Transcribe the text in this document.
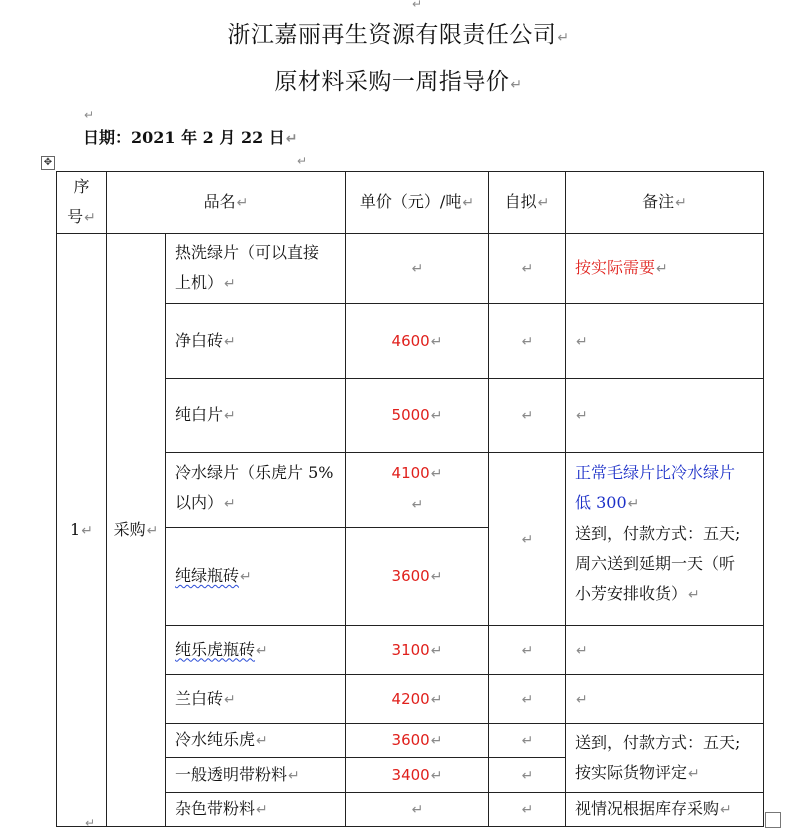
↵
浙江嘉丽再生资源有限责任公司↵
原材料采购一周指导价↵
↵
日期：2021 年 2 月 22 日↵
✥	↵
序
号↵	品名↵		单价（元）/吨↵	自拟↵	备注↵
1↵	采购↵	热洗绿片（可以直接
上机）↵	↵	↵	按实际需要↵
		净白砖↵	4600↵	↵	↵
		纯白片↵	5000↵	↵	↵
		冷水绿片（乐虎片 5%
以内）↵	4100↵
↵	↵	正常毛绿片比冷水绿片
低 300↵
送到，付款方式：五天;
周六送到延期一天（听
小芳安排收货）↵
		纯绿瓶砖↵	3600↵		
		纯乐虎瓶砖↵	3100↵	↵	↵
		兰白砖↵	4200↵	↵	↵
		冷水纯乐虎↵	3600↵	↵	送到，付款方式：五天;
按实际货物评定↵
		一般透明带粉料↵	3400↵	↵	
		杂色带粉料↵	↵	↵	视情况根据库存采购↵
↵
